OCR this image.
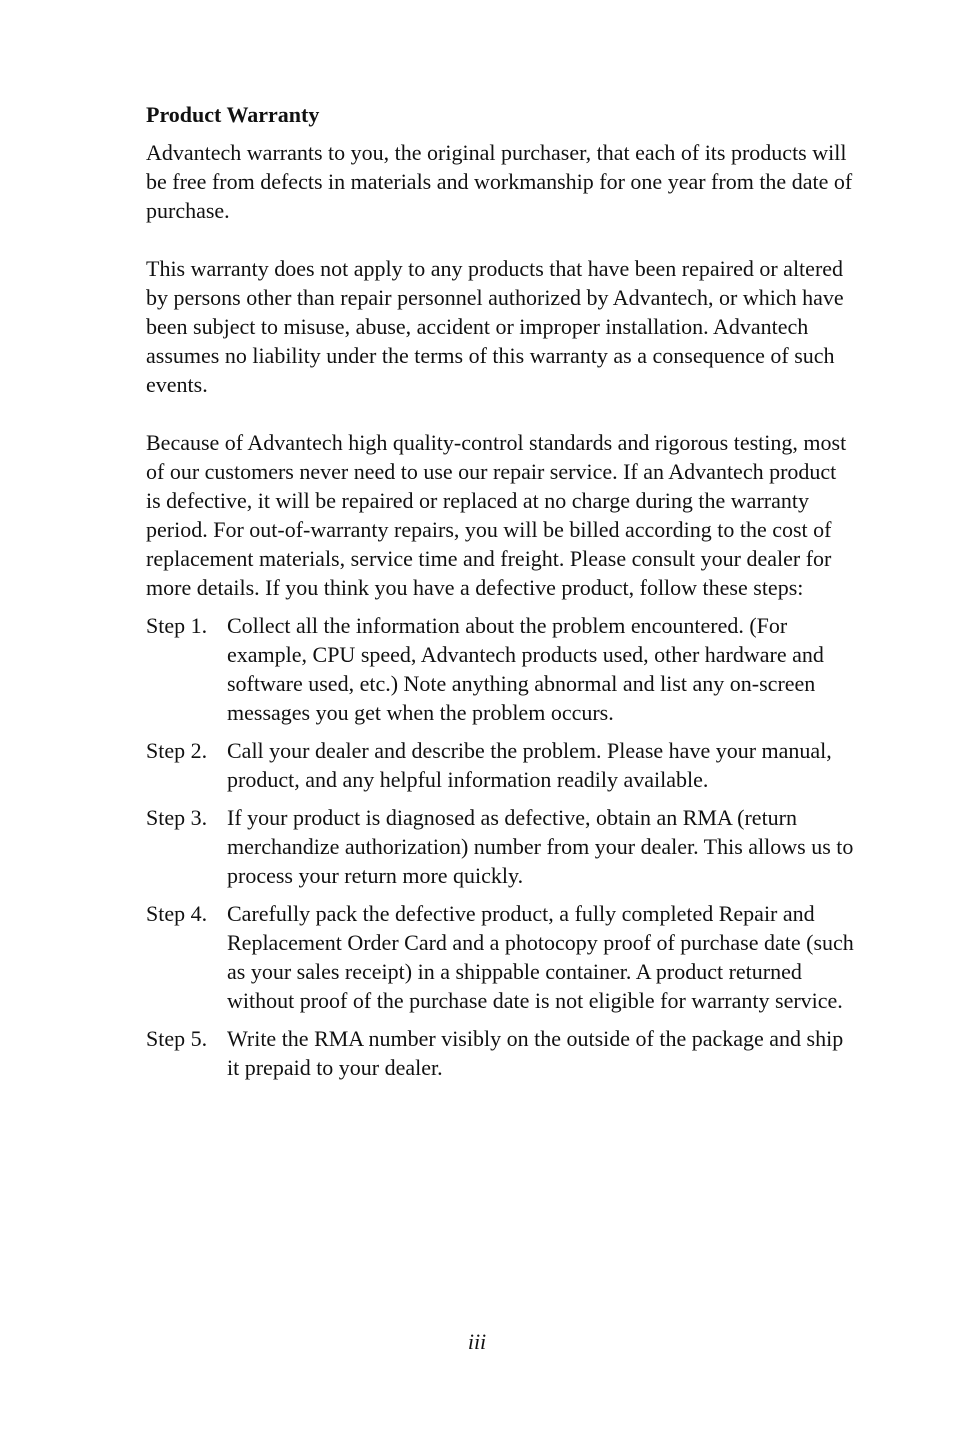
Product Warranty

Advantech warrants to you, the original purchaser, that each of its products will be free from defects in materials and workmanship for one year from the date of purchase.

This warranty does not apply to any products that have been repaired or altered by persons other than repair personnel authorized by Advantech, or which have been subject to misuse, abuse, accident or improper installation. Advantech assumes no liability under the terms of this warranty as a consequence of such events.

Because of Advantech high quality-control standards and rigorous testing, most of our customers never need to use our repair service. If an Advantech product is defective, it will be repaired or replaced at no charge during the warranty period. For out-of-warranty repairs, you will be billed according to the cost of replacement materials, service time and freight. Please consult your dealer for more details. If you think you have a defective product, follow these steps:

Step 1. Collect all the information about the problem encountered. (For example, CPU speed, Advantech products used, other hardware and software used, etc.) Note anything abnormal and list any on-screen messages you get when the problem occurs.
Step 2. Call your dealer and describe the problem. Please have your manual, product, and any helpful information readily available.
Step 3. If your product is diagnosed as defective, obtain an RMA (return merchandize authorization) number from your dealer. This allows us to process your return more quickly.
Step 4. Carefully pack the defective product, a fully completed Repair and Replacement Order Card and a photocopy proof of purchase date (such as your sales receipt) in a shippable container. A product returned without proof of the purchase date is not eligible for warranty service.
Step 5. Write the RMA number visibly on the outside of the package and ship it prepaid to your dealer.
iii
